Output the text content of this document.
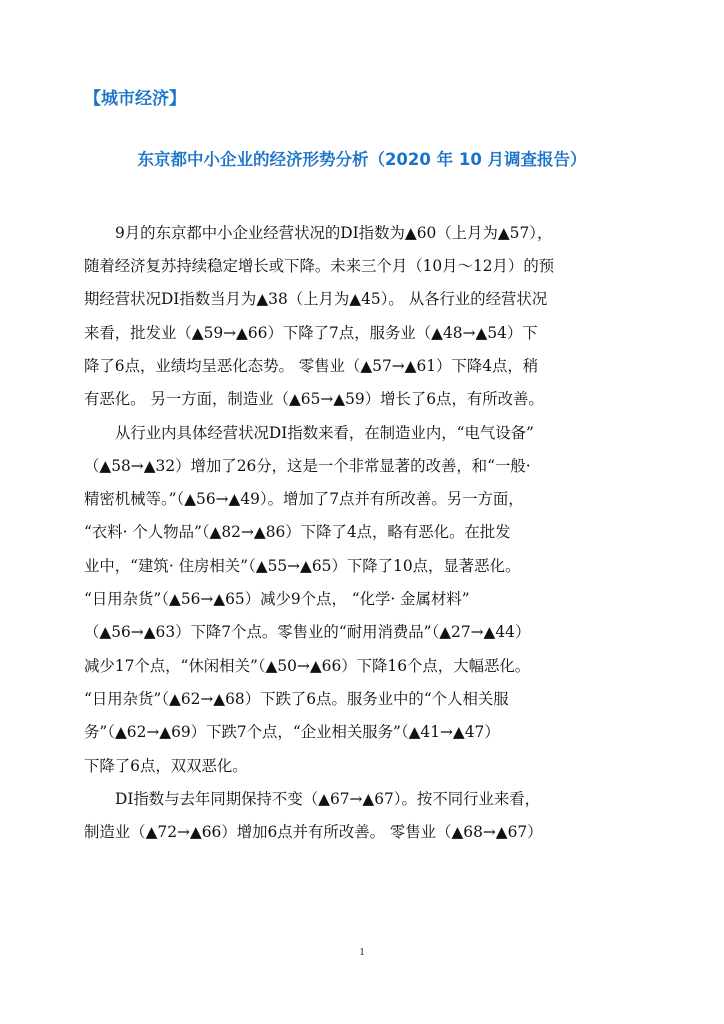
【城市经济】
东京都中小企业的经济形势分析（2020 年 10 月调查报告）
9月的东京都中小企业经营状况的DI指数为▲60（上月为▲57），
随着经济复苏持续稳定增长或下降。未来三个月（10月～12月）的预
期经营状况DI指数当月为▲38（上月为▲45）。 从各行业的经营状况
来看，批发业（▲59→▲66）下降了7点，服务业（▲48→▲54）下
降了6点，业绩均呈恶化态势。 零售业（▲57→▲61）下降4点，稍
有恶化。 另一方面，制造业（▲65→▲59）增长了6点，有所改善。
从行业内具体经营状况DI指数来看，在制造业内，“电气设备”
（▲58→▲32）增加了26分，这是一个非常显著的改善，和“一般·
精密机械等。”（▲56→▲49）。增加了7点并有所改善。另一方面，
“衣料· 个人物品”（▲82→▲86）下降了4点，略有恶化。在批发
业中，“建筑· 住房相关”（▲55→▲65）下降了10点，显著恶化。
“日用杂货”（▲56→▲65）减少9个点， “化学· 金属材料”
（▲56→▲63）下降7个点。零售业的“耐用消费品”（▲27→▲44）
减少17个点，“休闲相关”（▲50→▲66）下降16个点，大幅恶化。
“日用杂货”（▲62→▲68）下跌了6点。服务业中的“个人相关服
务”（▲62→▲69）下跌7个点，“企业相关服务”（▲41→▲47）
下降了6点，双双恶化。
DI指数与去年同期保持不变（▲67→▲67）。按不同行业来看，
制造业（▲72→▲66）增加6点并有所改善。 零售业（▲68→▲67）
1
